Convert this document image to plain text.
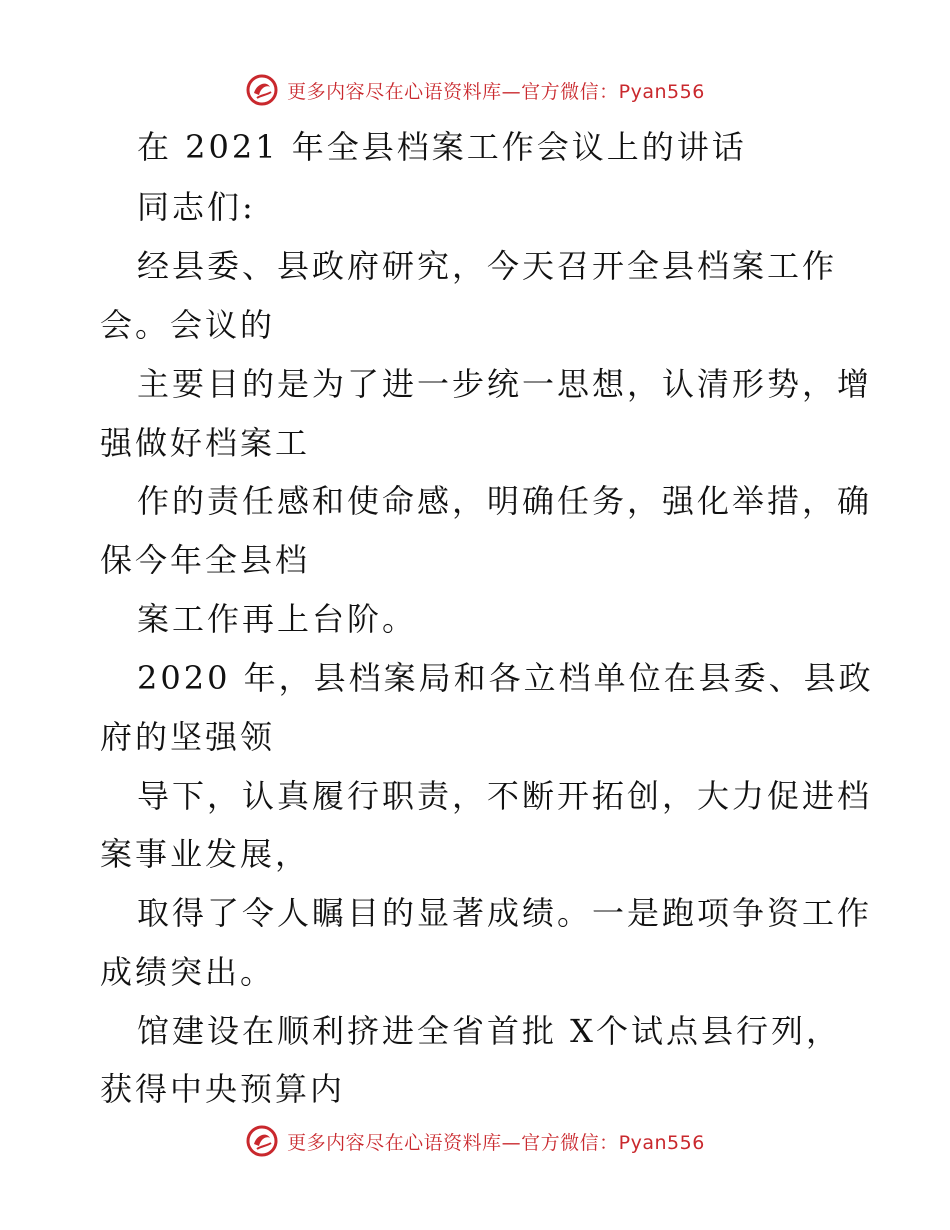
更多内容尽在心语资料库—官方微信：Pyan556
在 2021 年全县档案工作会议上的讲话
同志们:
经县委、县政府研究，今天召开全县档案工作
会。会议的
主要目的是为了进一步统一思想，认清形势，增
强做好档案工
作的责任感和使命感，明确任务，强化举措，确
保今年全县档
案工作再上台阶。
2020 年，县档案局和各立档单位在县委、县政
府的坚强领
导下，认真履行职责，不断开拓创，大力促进档
案事业发展，
取得了令人瞩目的显著成绩。一是跑项争资工作
成绩突出。
馆建设在顺利挤进全省首批 X个试点县行列，
获得中央预算内
更多内容尽在心语资料库—官方微信：Pyan556
